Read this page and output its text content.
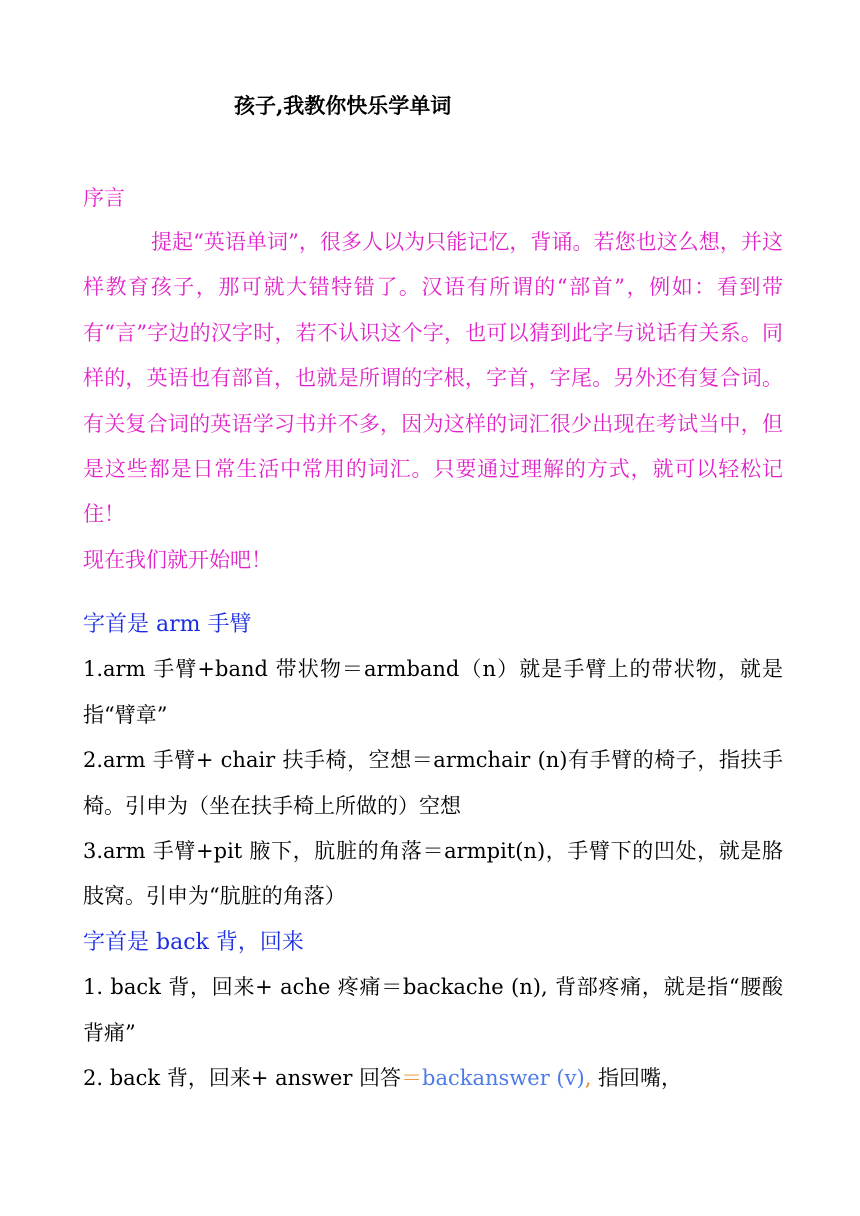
孩子,我教你快乐学单词
序言

提起“英语单词”，很多人以为只能记忆，背诵。若您也这么想，并这样教育孩子，那可就大错特错了。汉语有所谓的“部首”，例如：看到带有“言”字边的汉字时，若不认识这个字，也可以猜到此字与说话有关系。同样的，英语也有部首，也就是所谓的字根，字首，字尾。另外还有复合词。有关复合词的英语学习书并不多，因为这样的词汇很少出现在考试当中，但是这些都是日常生活中常用的词汇。只要通过理解的方式，就可以轻松记住！

现在我们就开始吧！

字首是 arm 手臂

1.arm 手臂+band 带状物＝armband（n）就是手臂上的带状物，就是指“臂章”

2.arm 手臂+ chair 扶手椅，空想＝armchair (n)有手臂的椅子，指扶手椅。引申为（坐在扶手椅上所做的）空想

3.arm 手臂+pit 腋下，肮脏的角落＝armpit(n)，手臂下的凹处，就是胳肢窝。引申为“肮脏的角落）

字首是 back 背，回来

1. back 背，回来+ ache 疼痛＝backache (n), 背部疼痛，就是指“腰酸背痛”

2. back 背，回来+ answer 回答＝backanswer (v), 指回嘴，
